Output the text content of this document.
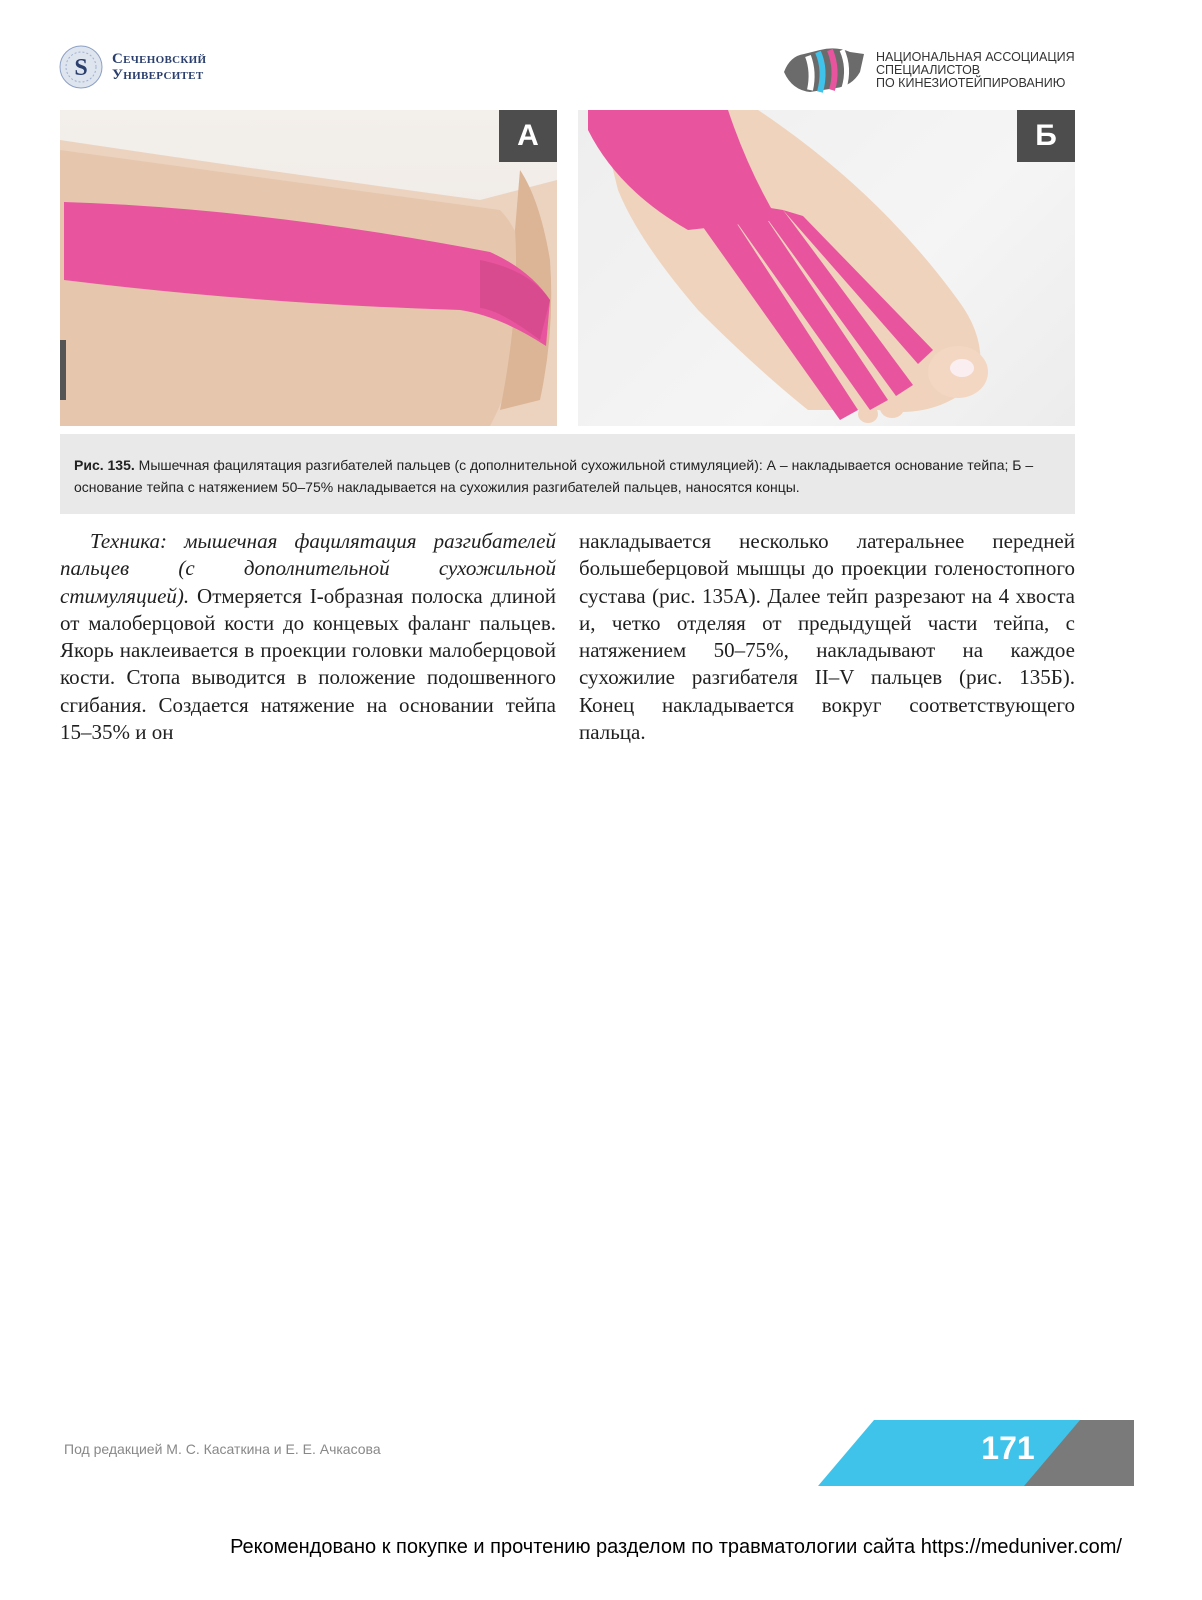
S Сеченовский
Университет
НАЦИОНАЛЬНАЯ АССОЦИАЦИЯ
СПЕЦИАЛИСТОВ
ПО КИНЕЗИОТЕЙПИРОВАНИЮ
А	Б
Рис. 135. Мышечная фацилятация разгибателей пальцев (с дополнительной сухожильной стимуляцией): А – накладывается основание тейпа; Б – основание тейпа с натяжением 50–75% накладывается на сухожилия разгибателей пальцев, наносятся концы.
Техника: мышечная фацилятация разгибателей пальцев (с дополнительной сухожильной стимуляцией). Отмеряется I-образная полоска длиной от малоберцовой кости до концевых фаланг пальцев. Якорь наклеивается в проекции головки малоберцовой кости. Стопа выводится в положение подошвенного сгибания. Создается натяжение на основании тейпа 15–35% и он
накладывается несколько латеральнее передней большеберцовой мышцы до проекции голеностопного сустава (рис. 135А). Далее тейп разрезают на 4 хвоста и, четко отделяя от предыдущей части тейпа, с натяжением 50–75%, накладывают на каждое сухожилие разгибателя II–V пальцев (рис. 135Б). Конец накладывается вокруг соответствующего пальца.
Под редакцией М. С. Касаткина и Е. Е. Ачкасова	171
Рекомендовано к покупке и прочтению разделом по травматологии сайта https://meduniver.com/
